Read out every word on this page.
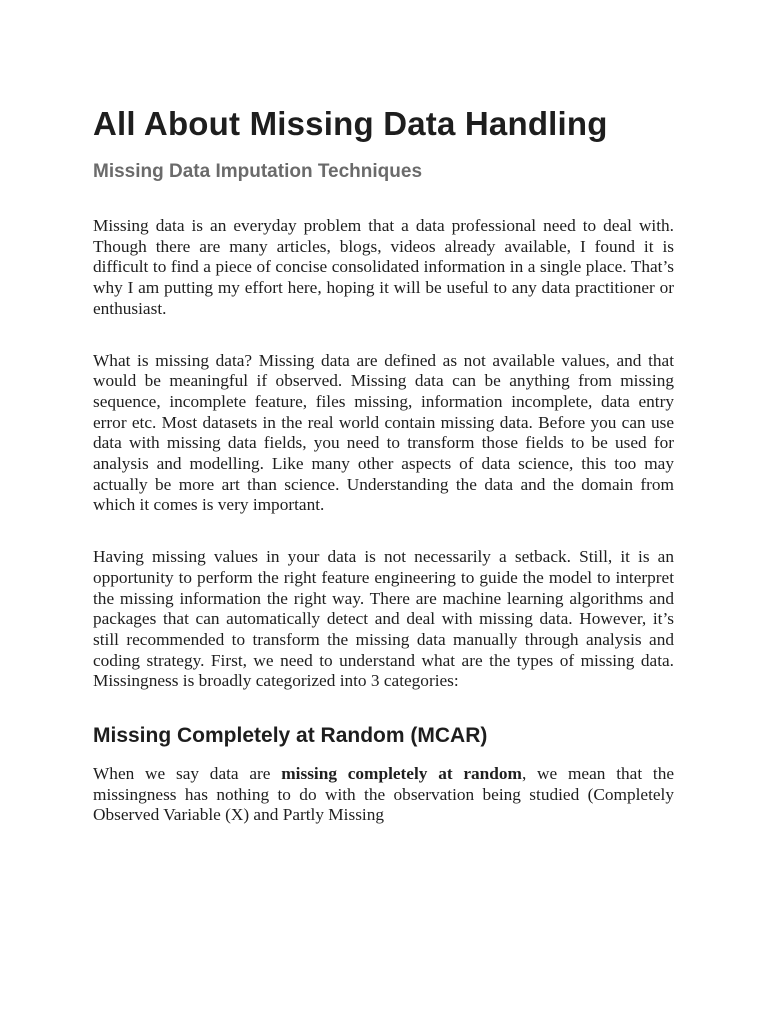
All About Missing Data Handling
Missing Data Imputation Techniques

Missing data is an everyday problem that a data professional need to deal with. Though there are many articles, blogs, videos already available, I found it is difficult to find a piece of concise consolidated information in a single place. That’s why I am putting my effort here, hoping it will be useful to any data practitioner or enthusiast.

What is missing data? Missing data are defined as not available values, and that would be meaningful if observed. Missing data can be anything from missing sequence, incomplete feature, files missing, information incomplete, data entry error etc. Most datasets in the real world contain missing data. Before you can use data with missing data fields, you need to transform those fields to be used for analysis and modelling. Like many other aspects of data science, this too may actually be more art than science. Understanding the data and the domain from which it comes is very important.

Having missing values in your data is not necessarily a setback. Still, it is an opportunity to perform the right feature engineering to guide the model to interpret the missing information the right way. There are machine learning algorithms and packages that can automatically detect and deal with missing data. However, it’s still recommended to transform the missing data manually through analysis and coding strategy. First, we need to understand what are the types of missing data. Missingness is broadly categorized into 3 categories:

Missing Completely at Random (MCAR)

When we say data are missing completely at random, we mean that the missingness has nothing to do with the observation being studied (Completely Observed Variable (X) and Partly Missing
